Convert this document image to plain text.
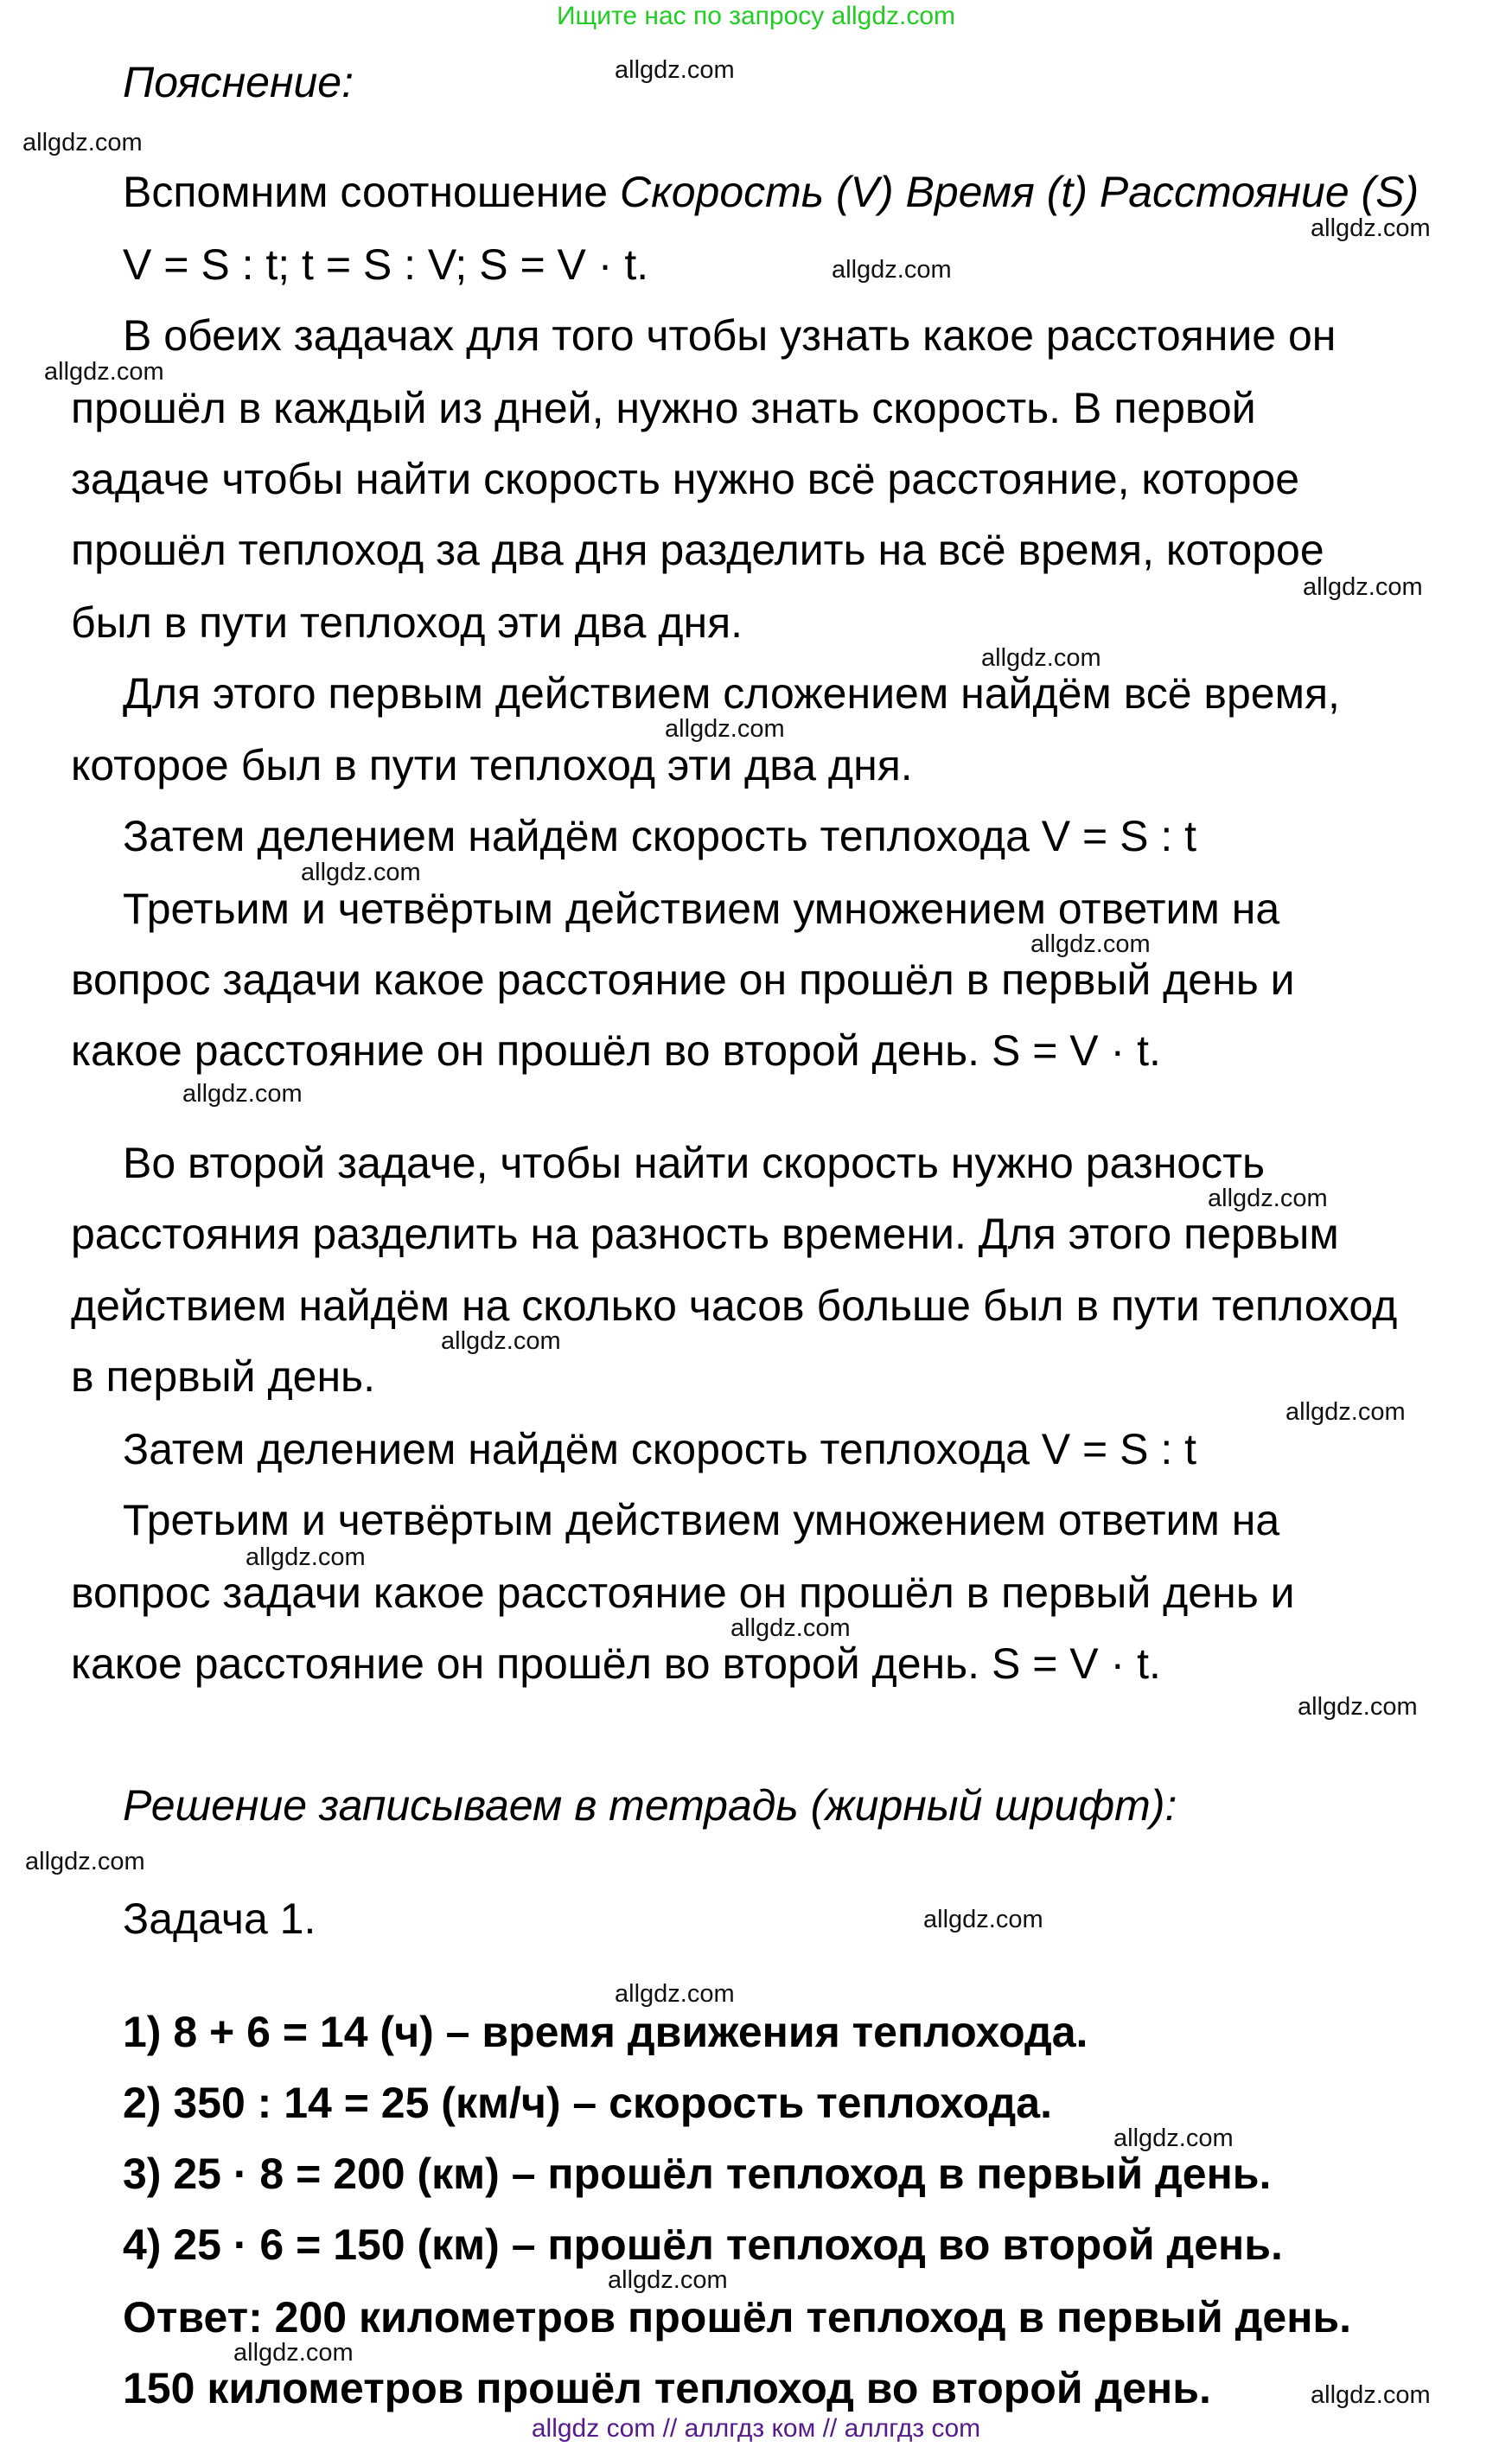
Ищите нас по запросу allgdz.com
Пояснение:
Вспомним соотношение Скорость (V) Время (t) Расстояние (S)
V = S : t; t = S : V; S = V · t.
В обеих задачах для того чтобы узнать какое расстояние он
прошёл в каждый из дней, нужно знать скорость. В первой
задаче чтобы найти скорость нужно всё расстояние, которое
прошёл теплоход за два дня разделить на всё время, которое
был в пути теплоход эти два дня.
Для этого первым действием сложением найдём всё время,
которое был в пути теплоход эти два дня.
Затем делением найдём скорость теплохода V = S : t
Третьим и четвёртым действием умножением ответим на
вопрос задачи какое расстояние он прошёл в первый день и
какое расстояние он прошёл во второй день. S = V · t.
Во второй задаче, чтобы найти скорость нужно разность
расстояния разделить на разность времени. Для этого первым
действием найдём на сколько часов больше был в пути теплоход
в первый день.
Затем делением найдём скорость теплохода V = S : t
Третьим и четвёртым действием умножением ответим на
вопрос задачи какое расстояние он прошёл в первый день и
какое расстояние он прошёл во второй день. S = V · t.
Решение записываем в тетрадь (жирный шрифт):
Задача 1.
1) 8 + 6 = 14 (ч) – время движения теплохода.
2) 350 : 14 = 25 (км/ч) – скорость теплохода.
3) 25 · 8 = 200 (км) – прошёл теплоход в первый день.
4) 25 · 6 = 150 (км) – прошёл теплоход во второй день.
Ответ: 200 километров прошёл теплоход в первый день.
150 километров прошёл теплоход во второй день.
allgdz.com
allgdz.com
allgdz.com
allgdz.com
allgdz.com
allgdz.com
allgdz.com
allgdz.com
allgdz.com
allgdz.com
allgdz.com
allgdz.com
allgdz.com
allgdz.com
allgdz.com
allgdz.com
allgdz.com
allgdz.com
allgdz.com
allgdz.com
allgdz.com
allgdz.com
allgdz.com
allgdz.com
allgdz com // аллгдз ком // аллгдз com
